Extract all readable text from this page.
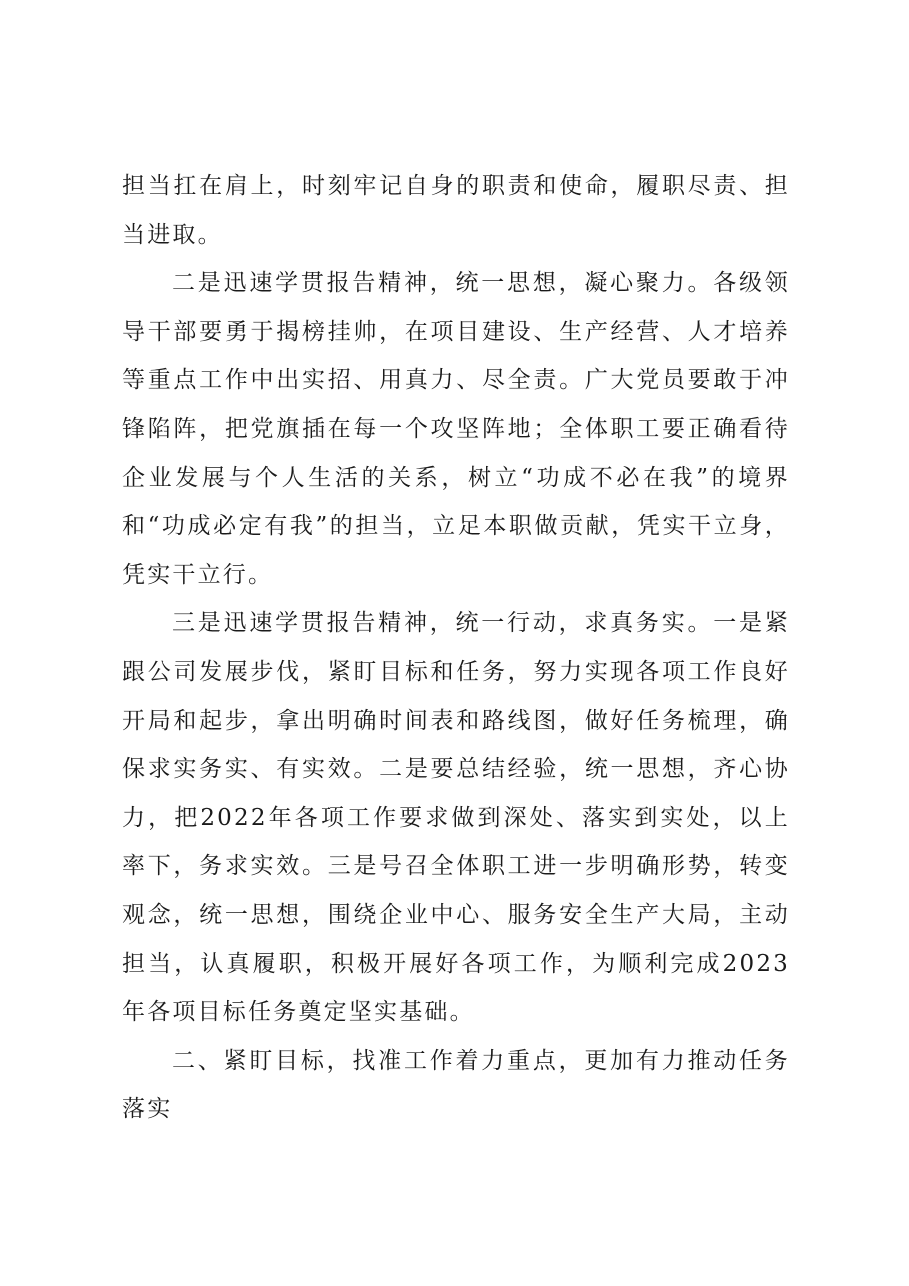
担当扛在肩上，时刻牢记自身的职责和使命，履职尽责、担当进取。

二是迅速学贯报告精神，统一思想，凝心聚力。各级领导干部要勇于揭榜挂帅，在项目建设、生产经营、人才培养等重点工作中出实招、用真力、尽全责。广大党员要敢于冲锋陷阵，把党旗插在每一个攻坚阵地；全体职工要正确看待企业发展与个人生活的关系，树立“功成不必在我”的境界和“功成必定有我”的担当，立足本职做贡献，凭实干立身，凭实干立行。

三是迅速学贯报告精神，统一行动，求真务实。一是紧跟公司发展步伐，紧盯目标和任务，努力实现各项工作良好开局和起步，拿出明确时间表和路线图，做好任务梳理，确保求实务实、有实效。二是要总结经验，统一思想，齐心协力，把2022年各项工作要求做到深处、落实到实处，以上率下，务求实效。三是号召全体职工进一步明确形势，转变观念，统一思想，围绕企业中心、服务安全生产大局，主动担当，认真履职，积极开展好各项工作，为顺利完成2023年各项目标任务奠定坚实基础。

二、紧盯目标，找准工作着力重点，更加有力推动任务落实
